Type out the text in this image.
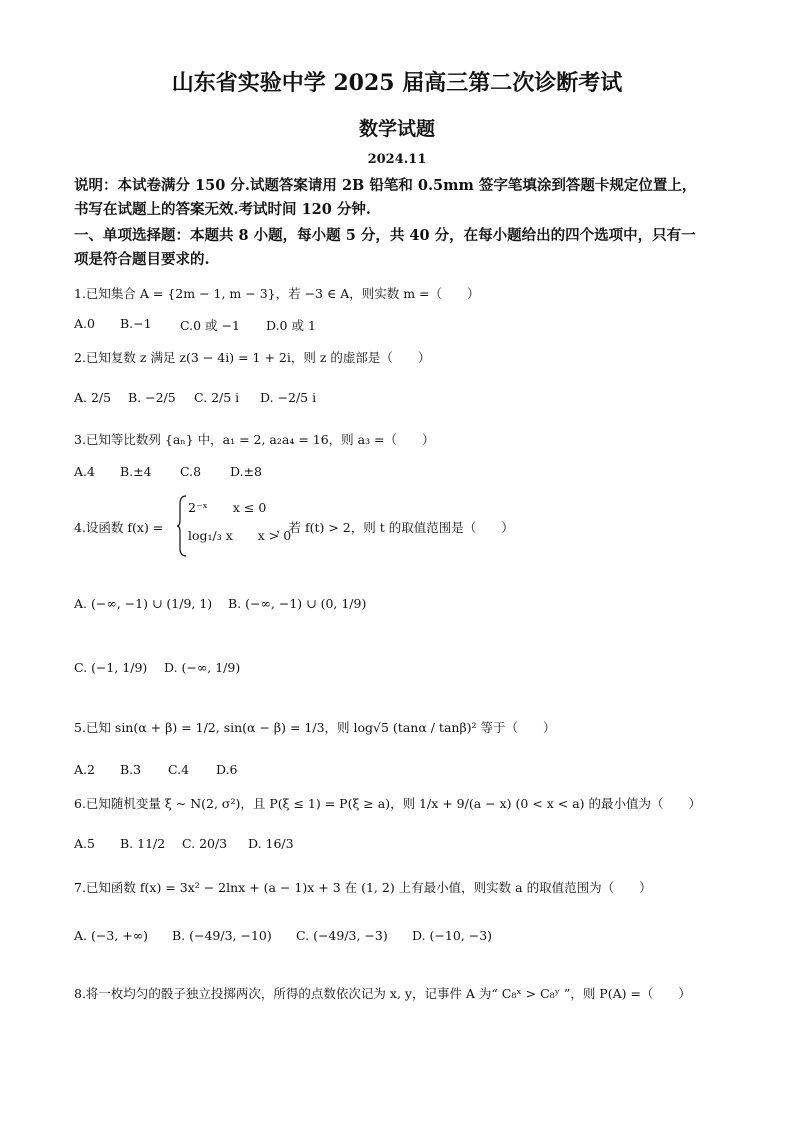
山东省实验中学 2025 届高三第二次诊断考试
数学试题
2024.11
说明：本试卷满分 150 分.试题答案请用 2B 铅笔和 0.5mm 签字笔填涂到答题卡规定位置上，
书写在试题上的答案无效.考试时间 120 分钟.
一、单项选择题：本题共 8 小题，每小题 5 分，共 40 分，在每小题给出的四个选项中，只有一
项是符合题目要求的.
1.已知集合 A = {2m − 1, m − 3}，若 −3 ∈ A，则实数 m =（　　）
A.0 B.−1 C.0 或 −1 D.0 或 1
2.已知复数 z 满足 z(3 − 4i) = 1 + 2i，则 z 的虚部是（　　）
A. 2/5 B. −2/5 C. 2/5 i D. −2/5 i
3.已知等比数列 {aₙ} 中，a₁ = 2, a₂a₄ = 16，则 a₃ =（　　）
A.4 B.±4 C.8 D.±8
4.设函数 f(x) =
2⁻ˣ　　x ≤ 0
log₁/₃ x　　x > 0
，若 f(t) > 2，则 t 的取值范围是（　　）
A. (−∞, −1) ∪ (1/9, 1) B. (−∞, −1) ∪ (0, 1/9)
C. (−1, 1/9) D. (−∞, 1/9)
5.已知 sin(α + β) = 1/2, sin(α − β) = 1/3，则 log√5 (tanα / tanβ)² 等于（　　）
A.2 B.3 C.4 D.6
6.已知随机变量 ξ ~ N(2, σ²)，且 P(ξ ≤ 1) = P(ξ ≥ a)，则 1/x + 9/(a − x) (0 < x < a) 的最小值为（　　）
A.5 B. 11/2 C. 20/3 D. 16/3
7.已知函数 f(x) = 3x² − 2lnx + (a − 1)x + 3 在 (1, 2) 上有最小值，则实数 a 的取值范围为（　　）
A. (−3, +∞) B. (−49/3, −10) C. (−49/3, −3) D. (−10, −3)
8.将一枚均匀的骰子独立投掷两次，所得的点数依次记为 x, y，记事件 A 为“ C₈ˣ > C₈ʸ ”，则 P(A) =（　　）
